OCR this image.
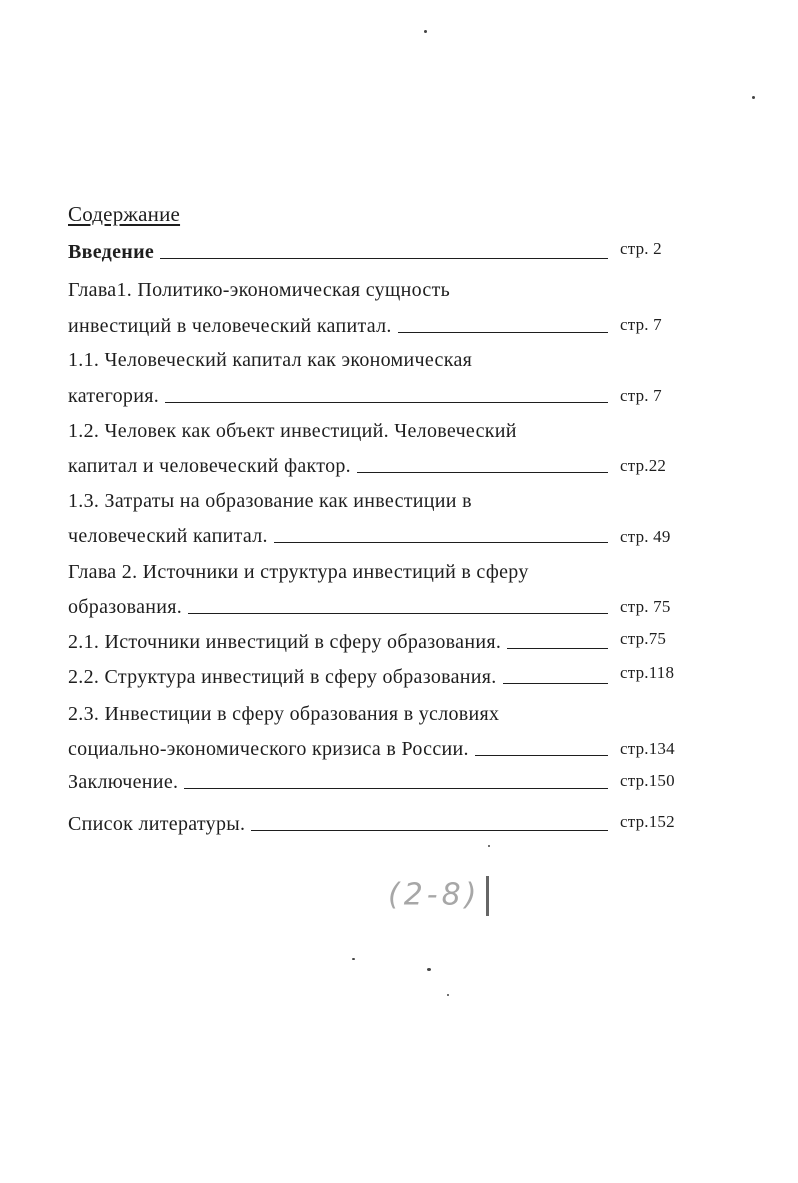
Содержание
Введение	стр. 2
Глава1. Политико-экономическая сущность
инвестиций в человеческий капитал.	стр. 7
1.1. Человеческий капитал как экономическая
категория.	стр. 7
1.2. Человек как объект инвестиций. Человеческий
капитал и человеческий фактор.	стр.22
1.3. Затраты на образование как инвестиции в
человеческий капитал.	стр. 49
Глава 2. Источники и структура инвестиций в сферу
образования.	стр. 75
2.1. Источники инвестиций в сферу образования.	стр.75
2.2. Структура инвестиций в сферу образования.	стр.118
2.3. Инвестиции в сферу образования в условиях
социально-экономического кризиса в России.	стр.134
Заключение.	стр.150
Список литературы.	стр.152
(2-8)
